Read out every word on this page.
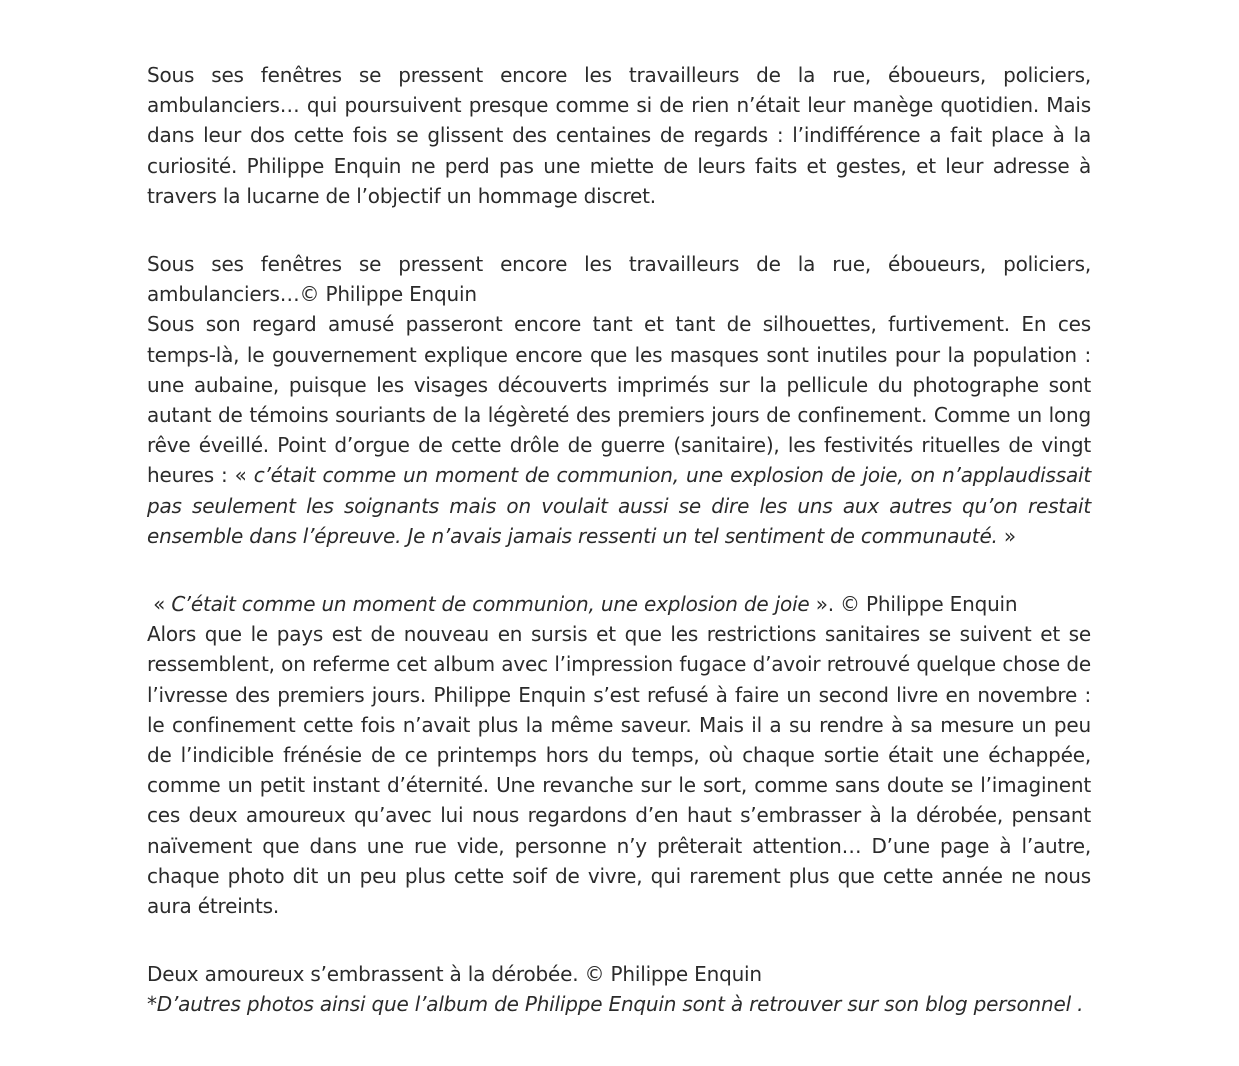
Sous ses fenêtres se pressent encore les travailleurs de la rue, éboueurs, policiers, ambulanciers… qui poursuivent presque comme si de rien n’était leur manège quotidien. Mais dans leur dos cette fois se glissent des centaines de regards : l’indifférence a fait place à la curiosité. Philippe Enquin ne perd pas une miette de leurs faits et gestes, et leur adresse à travers la lucarne de l’objectif un hommage discret.

Sous ses fenêtres se pressent encore les travailleurs de la rue, éboueurs, policiers, ambulanciers…© Philippe Enquin

Sous son regard amusé passeront encore tant et tant de silhouettes, furtivement. En ces temps-là, le gouvernement explique encore que les masques sont inutiles pour la population : une aubaine, puisque les visages découverts imprimés sur la pellicule du photographe sont autant de témoins souriants de la légèreté des premiers jours de confinement. Comme un long rêve éveillé. Point d’orgue de cette drôle de guerre (sanitaire), les festivités rituelles de vingt heures : « c’était comme un moment de communion, une explosion de joie, on n’applaudissait pas seulement les soignants mais on voulait aussi se dire les uns aux autres qu’on restait ensemble dans l’épreuve. Je n’avais jamais ressenti un tel sentiment de communauté. »

« C’était comme un moment de communion, une explosion de joie ». © Philippe Enquin

Alors que le pays est de nouveau en sursis et que les restrictions sanitaires se suivent et se ressemblent, on referme cet album avec l’impression fugace d’avoir retrouvé quelque chose de l’ivresse des premiers jours. Philippe Enquin s’est refusé à faire un second livre en novembre : le confinement cette fois n’avait plus la même saveur. Mais il a su rendre à sa mesure un peu de l’indicible frénésie de ce printemps hors du temps, où chaque sortie était une échappée, comme un petit instant d’éternité. Une revanche sur le sort, comme sans doute se l’imaginent ces deux amoureux qu’avec lui nous regardons d’en haut s’embrasser à la dérobée, pensant naïvement que dans une rue vide, personne n’y prêterait attention… D’une page à l’autre, chaque photo dit un peu plus cette soif de vivre, qui rarement plus que cette année ne nous aura étreints.

Deux amoureux s’embrassent à la dérobée. © Philippe Enquin

*D’autres photos ainsi que l’album de Philippe Enquin sont à retrouver sur son blog personnel .
